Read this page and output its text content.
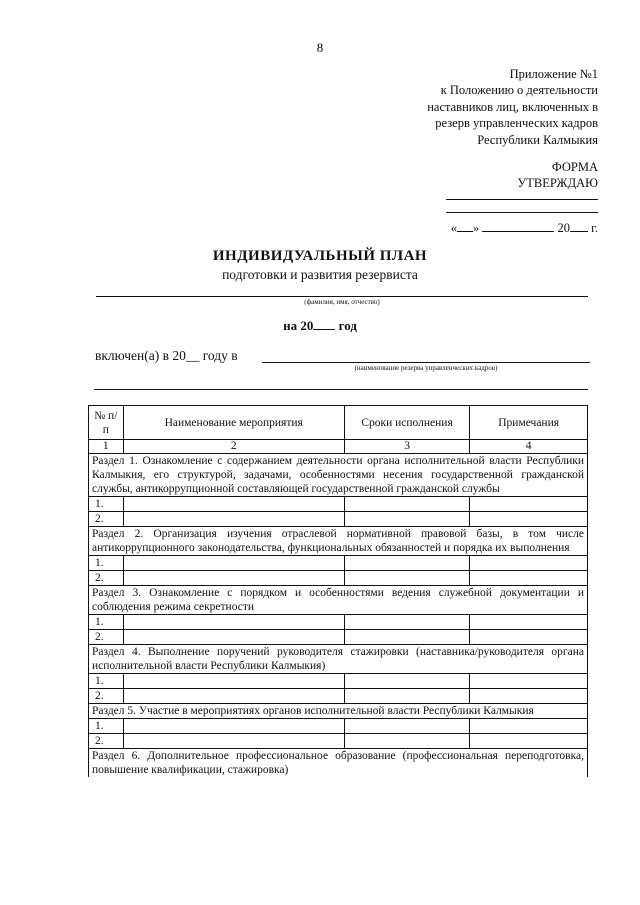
8
Приложение №1
к Положению о деятельности
наставников лиц, включенных в
резерв управленческих кадров
Республики Калмыкия
ФОРМА
УТВЕРЖДАЮ
« »	20 г.
ИНДИВИДУАЛЬНЫЙ ПЛАН
подготовки и развития резервиста
(фамилия, имя, отчество)
на 20 год
включен(а) в 20__ году в
(наименование резерва управленческих кадров)
№ п/п	Наименование мероприятия	Сроки исполнения	Примечания
1	2	3	4
Раздел 1. Ознакомление с содержанием деятельности органа исполнительной власти Республики Калмыкия, его структурой, задачами, особенностями несения государственной гражданской службы, антикоррупционной составляющей государственной гражданской службы			
1.			
2.			
Раздел 2. Организация изучения отраслевой нормативной правовой базы, в том числе антикоррупционного законодательства, функциональных обязанностей и порядка их выполнения			
1.			
2.			
Раздел 3. Ознакомление с порядком и особенностями ведения служебной документации и соблюдения режима секретности			
1.			
2.			
Раздел 4. Выполнение поручений руководителя стажировки (наставника/руководителя органа исполнительной власти Республики Калмыкия)			
1.			
2.			
Раздел 5. Участие в мероприятиях органов исполнительной власти Республики Калмыкия			
1.			
2.			
Раздел 6. Дополнительное профессиональное образование (профессиональная переподготовка, повышение квалификации, стажировка)			
